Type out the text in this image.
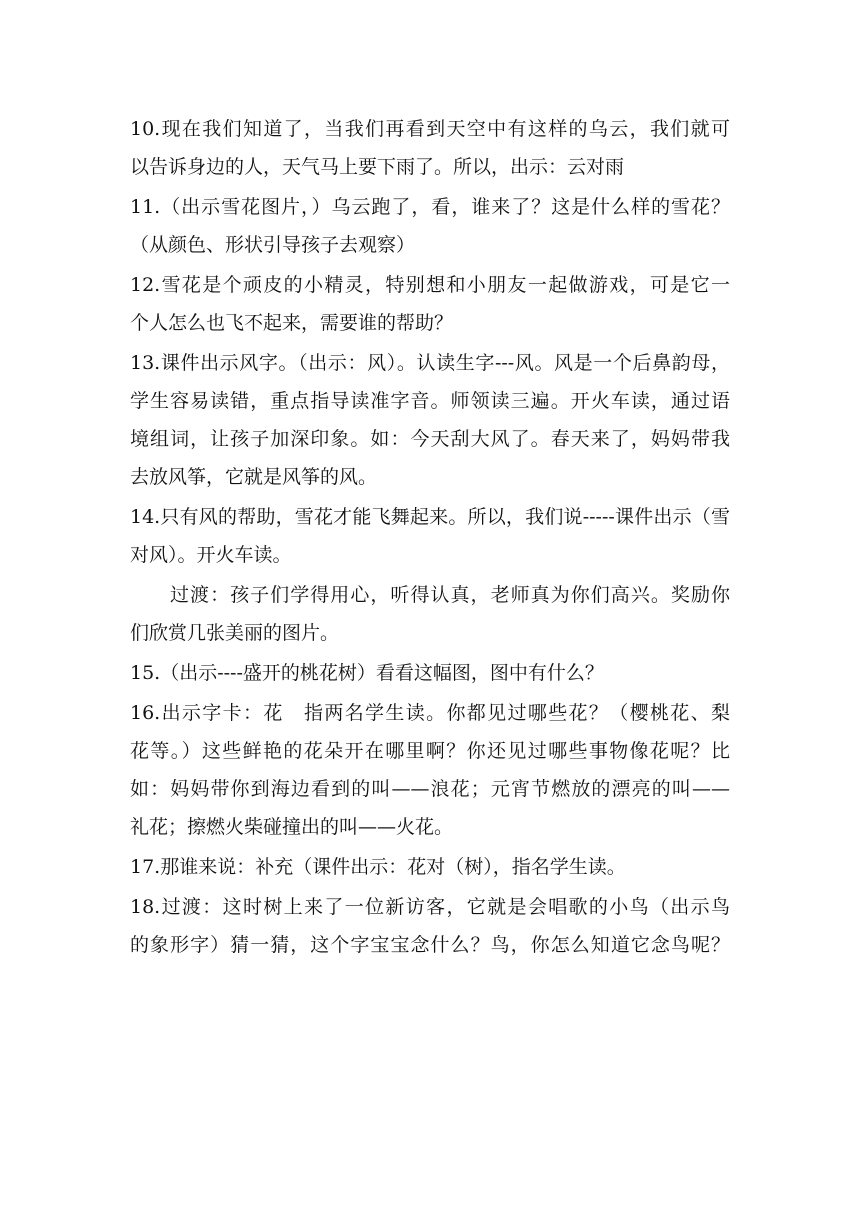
10.现在我们知道了，当我们再看到天空中有这样的乌云，我们就可
以告诉身边的人，天气马上要下雨了。所以，出示：云对雨
11.（出示雪花图片，）乌云跑了，看，谁来了？这是什么样的雪花？
（从颜色、形状引导孩子去观察）
12.雪花是个顽皮的小精灵，特别想和小朋友一起做游戏，可是它一
个人怎么也飞不起来，需要谁的帮助？
13.课件出示风字。（出示：风）。认读生字---风。风是一个后鼻韵母，
学生容易读错，重点指导读准字音。师领读三遍。开火车读，通过语
境组词，让孩子加深印象。如：今天刮大风了。春天来了，妈妈带我
去放风筝，它就是风筝的风。
14.只有风的帮助，雪花才能飞舞起来。所以，我们说-----课件出示（雪
对风）。开火车读。
过渡：孩子们学得用心，听得认真，老师真为你们高兴。奖励你
们欣赏几张美丽的图片。
15.（出示----盛开的桃花树）看看这幅图，图中有什么？
16.出示字卡：花　指两名学生读。你都见过哪些花？（樱桃花、梨
花等。）这些鲜艳的花朵开在哪里啊？你还见过哪些事物像花呢？比
如：妈妈带你到海边看到的叫——浪花；元宵节燃放的漂亮的叫——
礼花；擦燃火柴碰撞出的叫——火花。
17.那谁来说：补充（课件出示：花对（树），指名学生读。
18.过渡：这时树上来了一位新访客，它就是会唱歌的小鸟（出示鸟
的象形字）猜一猜，这个字宝宝念什么？鸟，你怎么知道它念鸟呢？
